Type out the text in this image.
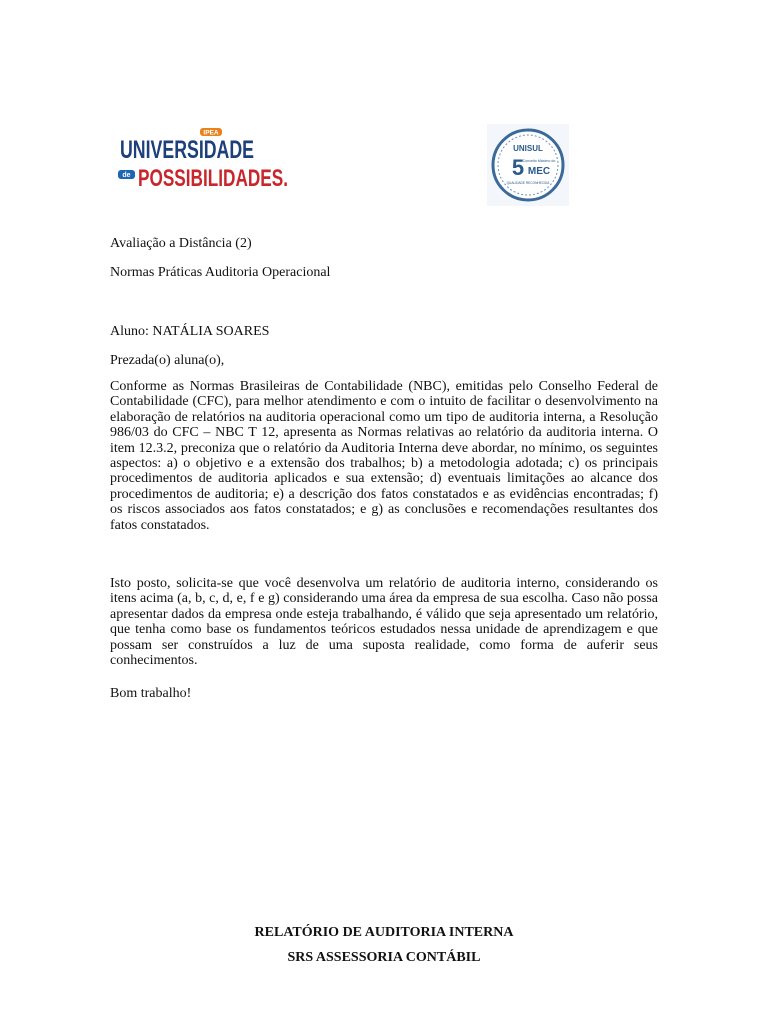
IPEA
UNIVERSIDADE
de POSSIBILIDADES.
UNISUL
5
Conceito Máximo do
MEC
QUALIDADE RECONHECIDA
Avaliação a Distância (2)
Normas Práticas Auditoria Operacional
Aluno: NATÁLIA SOARES
Prezada(o) aluna(o),
Conforme as Normas Brasileiras de Contabilidade (NBC), emitidas pelo Conselho Federal de Contabilidade (CFC), para melhor atendimento e com o intuito de facilitar o desenvolvimento na elaboração de relatórios na auditoria operacional como um tipo de auditoria interna, a Resolução 986/03 do CFC – NBC T 12, apresenta as Normas relativas ao relatório da auditoria interna. O item 12.3.2, preconiza que o relatório da Auditoria Interna deve abordar, no mínimo, os seguintes aspectos: a) o objetivo e a extensão dos trabalhos; b) a metodologia adotada; c) os principais procedimentos de auditoria aplicados e sua extensão; d) eventuais limitações ao alcance dos procedimentos de auditoria; e) a descrição dos fatos constatados e as evidências encontradas; f) os riscos associados aos fatos constatados; e g) as conclusões e recomendações resultantes dos fatos constatados.
Isto posto, solicita-se que você desenvolva um relatório de auditoria interno, considerando os itens acima (a, b, c, d, e, f e g) considerando uma área da empresa de sua escolha. Caso não possa apresentar dados da empresa onde esteja trabalhando, é válido que seja apresentado um relatório, que tenha como base os fundamentos teóricos estudados nessa unidade de aprendizagem e que possam ser construídos a luz de uma suposta realidade, como forma de auferir seus conhecimentos.
Bom trabalho!
RELATÓRIO DE AUDITORIA INTERNA
SRS ASSESSORIA CONTÁBIL
